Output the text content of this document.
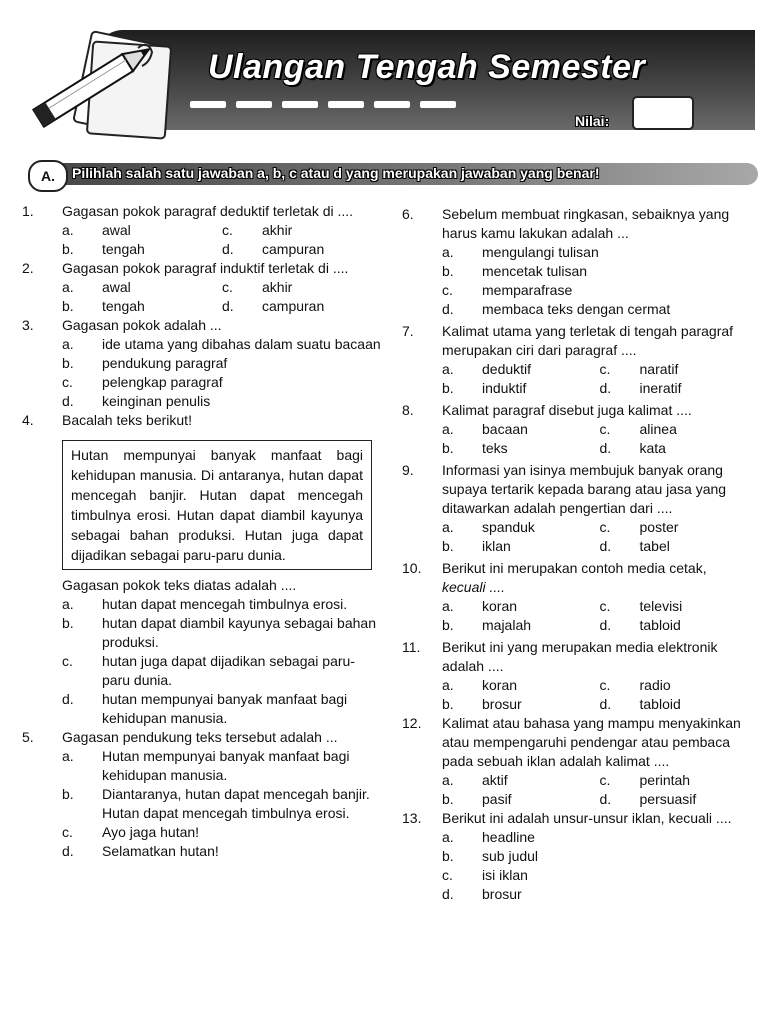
Ulangan Tengah Semester
Nilai:
A.	Pilihlah salah satu jawaban a, b, c atau d yang merupakan jawaban yang benar!
1.	Gagasan pokok paragraf deduktif terletak di ....
a.	awal	c.	akhir
b.	tengah	d.	campuran
2.	Gagasan pokok paragraf induktif terletak di ....
a.	awal	c.	akhir
b.	tengah	d.	campuran
3.	Gagasan pokok adalah ...
a.	ide utama yang dibahas dalam suatu bacaan
b.	pendukung paragraf
c.	pelengkap paragraf
d.	keinginan penulis
4.	Bacalah teks berikut!
Hutan mempunyai banyak manfaat bagi kehidupan manusia. Di antaranya, hutan dapat mencegah banjir. Hutan dapat mencegah timbulnya erosi. Hutan dapat diambil kayunya sebagai bahan produksi. Hutan juga dapat dijadikan sebagai paru-paru dunia.
Gagasan pokok teks diatas adalah ....
a.	hutan dapat mencegah timbulnya erosi.
b.	hutan dapat diambil kayunya sebagai bahan produksi.
c.	hutan juga dapat dijadikan sebagai paru-paru dunia.
d.	hutan mempunyai banyak manfaat bagi kehidupan manusia.
5.	Gagasan pendukung teks tersebut adalah ...
a.	Hutan mempunyai banyak manfaat bagi kehidupan manusia.
b.	Diantaranya, hutan dapat mencegah banjir. Hutan dapat mencegah timbulnya erosi.
c.	Ayo jaga hutan!
d.	Selamatkan hutan!
6.	Sebelum membuat ringkasan, sebaiknya yang harus kamu lakukan adalah ...
a.	mengulangi tulisan
b.	mencetak tulisan
c.	memparafrase
d.	membaca teks dengan cermat
7.	Kalimat utama yang terletak di tengah paragraf merupakan ciri dari paragraf ....
a.	deduktif	c.	naratif
b.	induktif	d.	ineratif
8.	Kalimat paragraf disebut juga kalimat ....
a.	bacaan	c.	alinea
b.	teks	d.	kata
9.	Informasi yan isinya membujuk banyak orang supaya tertarik kepada barang atau jasa yang ditawarkan adalah pengertian dari ....
a.	spanduk	c.	poster
b.	iklan	d.	tabel
10.	Berikut ini merupakan contoh media cetak,
kecuali ....
a.	koran	c.	televisi
b.	majalah	d.	tabloid
11.	Berikut ini yang merupakan media elektronik adalah ....
a.	koran	c.	radio
b.	brosur	d.	tabloid
12.	Kalimat atau bahasa yang mampu menyakinkan atau mempengaruhi pendengar atau pembaca pada sebuah iklan adalah kalimat ....
a.	aktif	c.	perintah
b.	pasif	d.	persuasif
13.	Berikut ini adalah unsur-unsur iklan, kecuali ....
a.	headline
b.	sub judul
c.	isi iklan
d.	brosur
